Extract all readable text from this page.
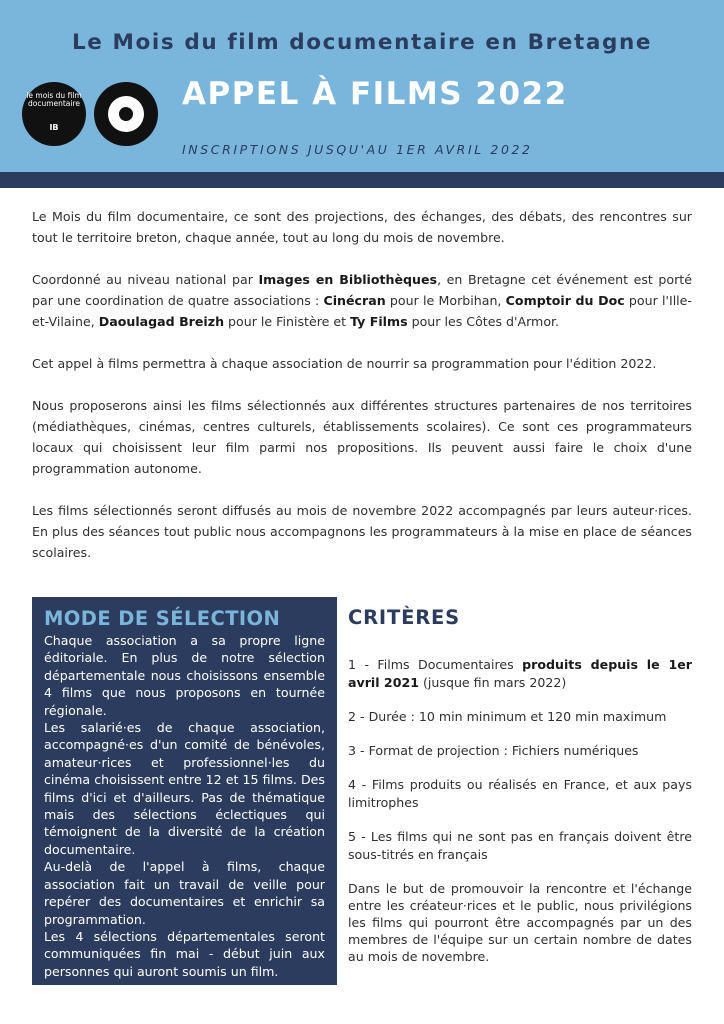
Le Mois du film documentaire en Bretagne
le mois du film documentaire
IB
APPEL À FILMS 2022
INSCRIPTIONS JUSQU'AU 1ER AVRIL 2022

Le Mois du film documentaire, ce sont des projections, des échanges, des débats, des rencontres sur tout le territoire breton, chaque année, tout au long du mois de novembre.

Coordonné au niveau national par Images en Bibliothèques, en Bretagne cet événement est porté par une coordination de quatre associations : Cinécran pour le Morbihan, Comptoir du Doc pour l'Ille-et-Vilaine, Daoulagad Breizh pour le Finistère et Ty Films pour les Côtes d'Armor.

Cet appel à films permettra à chaque association de nourrir sa programmation pour l'édition 2022.

Nous proposerons ainsi les films sélectionnés aux différentes structures partenaires de nos territoires (médiathèques, cinémas, centres culturels, établissements scolaires). Ce sont ces programmateurs locaux qui choisissent leur film parmi nos propositions. Ils peuvent aussi faire le choix d'une programmation autonome.

Les films sélectionnés seront diffusés au mois de novembre 2022 accompagnés par leurs auteur·rices. En plus des séances tout public nous accompagnons les programmateurs à la mise en place de séances scolaires.

MODE DE SÉLECTION

Chaque association a sa propre ligne éditoriale. En plus de notre sélection départementale nous choisissons ensemble 4 films que nous proposons en tournée régionale.

Les salarié·es de chaque association, accompagné·es d'un comité de bénévoles, amateur·rices et professionnel·les du cinéma choisissent entre 12 et 15 films. Des films d'ici et d'ailleurs. Pas de thématique mais des sélections éclectiques qui témoignent de la diversité de la création documentaire.

Au-delà de l'appel à films, chaque association fait un travail de veille pour repérer des documentaires et enrichir sa programmation.

Les 4 sélections départementales seront communiquées fin mai - début juin aux personnes qui auront soumis un film.

CRITÈRES

1 - Films Documentaires produits depuis le 1er avril 2021 (jusque fin mars 2022)

2 - Durée : 10 min minimum et 120 min maximum

3 - Format de projection : Fichiers numériques

4 - Films produits ou réalisés en France, et aux pays limitrophes

5 - Les films qui ne sont pas en français doivent être sous-titrés en français

Dans le but de promouvoir la rencontre et l'échange entre les créateur·rices et le public, nous privilégions les films qui pourront être accompagnés par un des membres de l'équipe sur un certain nombre de dates au mois de novembre.
